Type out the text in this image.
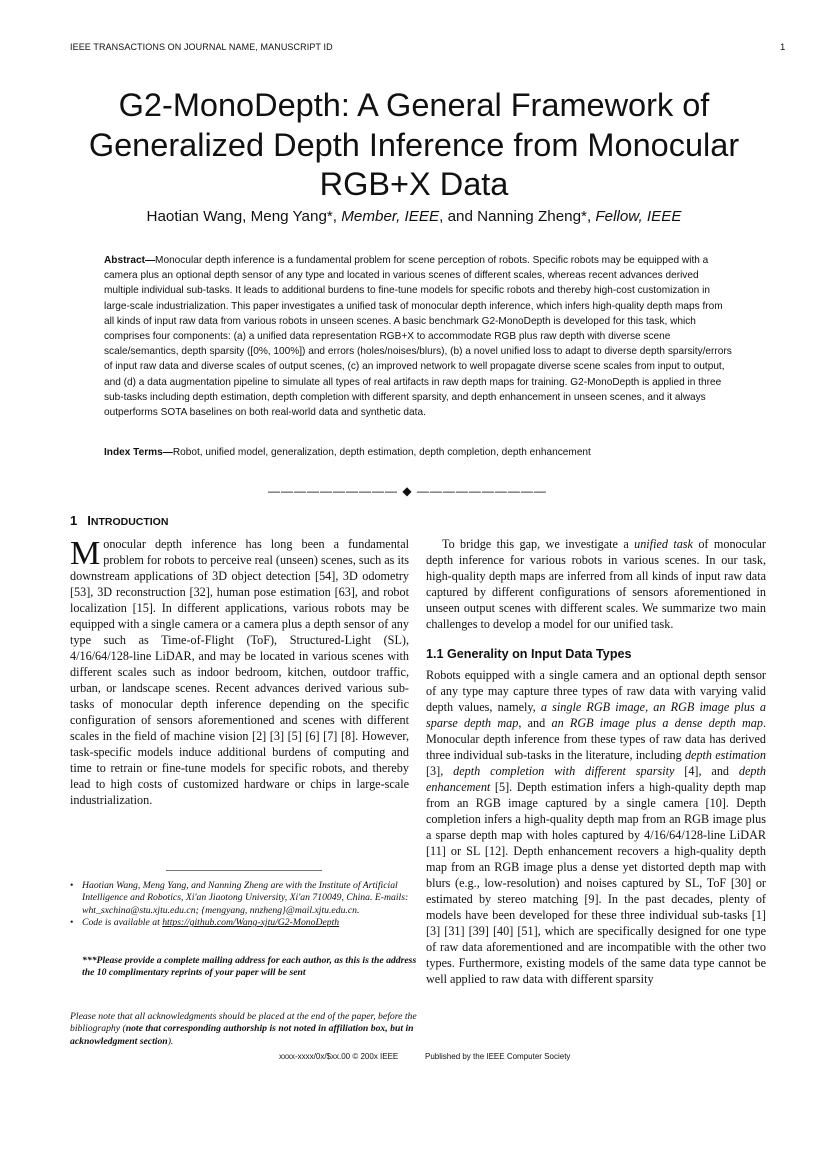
IEEE TRANSACTIONS ON JOURNAL NAME, MANUSCRIPT ID	1
G2-MonoDepth: A General Framework of
Generalized Depth Inference from Monocular
RGB+X Data
Haotian Wang, Meng Yang*, Member, IEEE, and Nanning Zheng*, Fellow, IEEE

Abstract—Monocular depth inference is a fundamental problem for scene perception of robots. Specific robots may be equipped with a camera plus an optional depth sensor of any type and located in various scenes of different scales, whereas recent advances derived multiple individual sub-tasks. It leads to additional burdens to fine-tune models for specific robots and thereby high-cost customization in large-scale industrialization. This paper investigates a unified task of monocular depth inference, which infers high-quality depth maps from all kinds of input raw data from various robots in unseen scenes. A basic benchmark G2-MonoDepth is developed for this task, which comprises four components: (a) a unified data representation RGB+X to accommodate RGB plus raw depth with diverse scene scale/semantics, depth sparsity ([0%, 100%]) and errors (holes/noises/blurs), (b) a novel unified loss to adapt to diverse depth sparsity/errors of input raw data and diverse scales of output scenes, (c) an improved network to well propagate diverse scene scales from input to output, and (d) a data augmentation pipeline to simulate all types of real artifacts in raw depth maps for training. G2-MonoDepth is applied in three sub-tasks including depth estimation, depth completion with different sparsity, and depth enhancement in unseen scenes, and it always outperforms SOTA baselines on both real-world data and synthetic data.

Index Terms—Robot, unified model, generalization, depth estimation, depth completion, depth enhancement

—————————— ◆ ——————————
1 INTRODUCTION

Monocular depth inference has long been a fundamental problem for robots to perceive real (unseen) scenes, such as its downstream applications of 3D object detection [54], 3D odometry [53], 3D reconstruction [32], human pose estimation [63], and robot localization [15]. In different applications, various robots may be equipped with a single camera or a camera plus a depth sensor of any type such as Time-of-Flight (ToF), Structured-Light (SL), 4/16/64/128-line LiDAR, and may be located in various scenes with different scales such as indoor bedroom, kitchen, outdoor traffic, urban, or landscape scenes. Recent advances derived various sub-tasks of monocular depth inference depending on the specific configuration of sensors aforementioned and scenes with different scales in the field of machine vision [2] [3] [5] [6] [7] [8]. However, task-specific models induce additional burdens of computing and time to retrain or fine-tune models for specific robots, and thereby lead to high costs of customized hardware or chips in large-scale industrialization.

To bridge this gap, we investigate a unified task of monocular depth inference for various robots in various scenes. In our task, high-quality depth maps are inferred from all kinds of input raw data captured by different configurations of sensors aforementioned in unseen output scenes with different scales. We summarize two main challenges to develop a model for our unified task.

1.1 Generality on Input Data Types

Robots equipped with a single camera and an optional depth sensor of any type may capture three types of raw data with varying valid depth values, namely, a single RGB image, an RGB image plus a sparse depth map, and an RGB image plus a dense depth map. Monocular depth inference from these types of raw data has derived three individual sub-tasks in the literature, including depth estimation [3], depth completion with different sparsity [4], and depth enhancement [5]. Depth estimation infers a high-quality depth map from an RGB image captured by a single camera [10]. Depth completion infers a high-quality depth map from an RGB image plus a sparse depth map with holes captured by 4/16/64/128-line LiDAR [11] or SL [12]. Depth enhancement recovers a high-quality depth map from an RGB image plus a dense yet distorted depth map with blurs (e.g., low-resolution) and noises captured by SL, ToF [30] or estimated by stereo matching [9]. In the past decades, plenty of models have been developed for these three individual sub-tasks [1] [3] [31] [39] [40] [51], which are specifically designed for one type of raw data aforementioned and are incompatible with the other two types. Furthermore, existing models of the same data type cannot be well applied to raw data with different sparsity

• Haotian Wang, Meng Yang, and Nanning Zheng are with the Institute of Artificial Intelligence and Robotics, Xi'an Jiaotong University, Xi'an 710049, China. E-mails: wht_sxchina@stu.xjtu.edu.cn; {mengyang, nnzheng}@mail.xjtu.edu.cn.
• Code is available at https://github.com/Wang-xjtu/G2-MonoDepth

***Please provide a complete mailing address for each author, as this is the address the 10 complimentary reprints of your paper will be sent

Please note that all acknowledgments should be placed at the end of the paper, before the bibliography (note that corresponding authorship is not noted in affiliation box, but in acknowledgment section).

xxxx-xxxx/0x/$xx.00 © 200x IEEE	Published by the IEEE Computer Society
